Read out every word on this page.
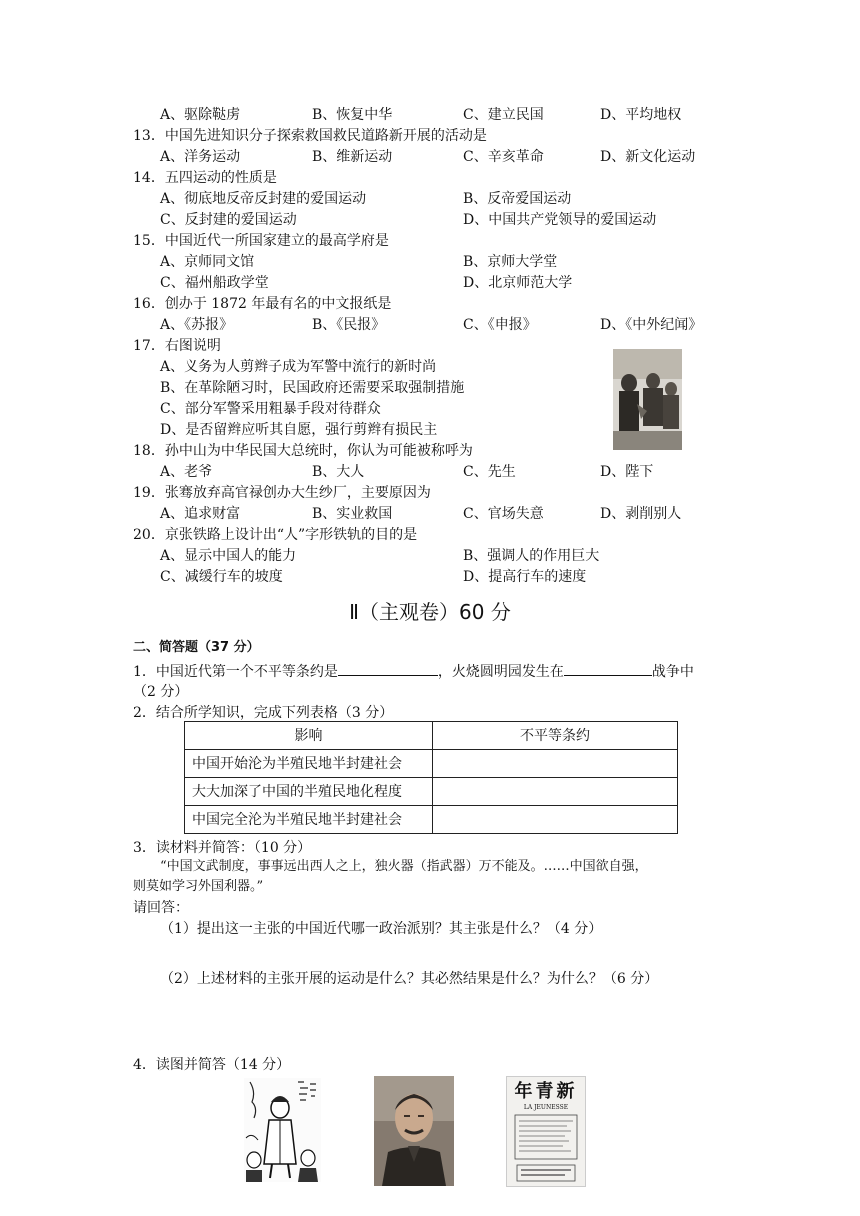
A、驱除鞑虏	B、恢复中华	C、建立民国	D、平均地权
13．中国先进知识分子探索救国救民道路新开展的活动是
A、洋务运动	B、维新运动	C、辛亥革命	D、新文化运动
14．五四运动的性质是
A、彻底地反帝反封建的爱国运动	B、反帝爱国运动
C、反封建的爱国运动	D、中国共产党领导的爱国运动
15．中国近代一所国家建立的最高学府是
A、京师同文馆	B、京师大学堂
C、福州船政学堂	D、北京师范大学
16．创办于 1872 年最有名的中文报纸是
A、《苏报》	B、《民报》	C、《申报》	D、《中外纪闻》
17．右图说明
A、义务为人剪辫子成为军警中流行的新时尚
B、在革除陋习时，民国政府还需要采取强制措施
C、部分军警采用粗暴手段对待群众
D、是否留辫应听其自愿，强行剪辫有损民主
18．孙中山为中华民国大总统时，你认为可能被称呼为
A、老爷	B、大人	C、先生	D、陛下
19．张骞放弃高官禄创办大生纱厂，主要原因为
A、追求财富	B、实业救国	C、官场失意	D、剥削别人
20．京张铁路上设计出“人”字形铁轨的目的是
A、显示中国人的能力	B、强调人的作用巨大
C、减缓行车的坡度	D、提高行车的速度
Ⅱ（主观卷）60 分
二、简答题（37 分）
1．中国近代第一个不平等条约是	，火烧圆明园发生在	战争中
（2 分）
2．结合所学知识，完成下列表格（3 分）
影响	不平等条约
中国开始沦为半殖民地半封建社会	
大大加深了中国的半殖民地化程度	
中国完全沦为半殖民地半封建社会	
3．读材料并简答：（10 分）
“中国文武制度，事事远出西人之上，独火器（指武器）万不能及。……中国欲自强，
则莫如学习外国利器。”
请回答：
（1）提出这一主张的中国近代哪一政治派别？其主张是什么？（4 分）
（2）上述材料的主张开展的运动是什么？其必然结果是什么？为什么？（6 分）
4．读图并简答（14 分）
年青新
LA JEUNESSE
